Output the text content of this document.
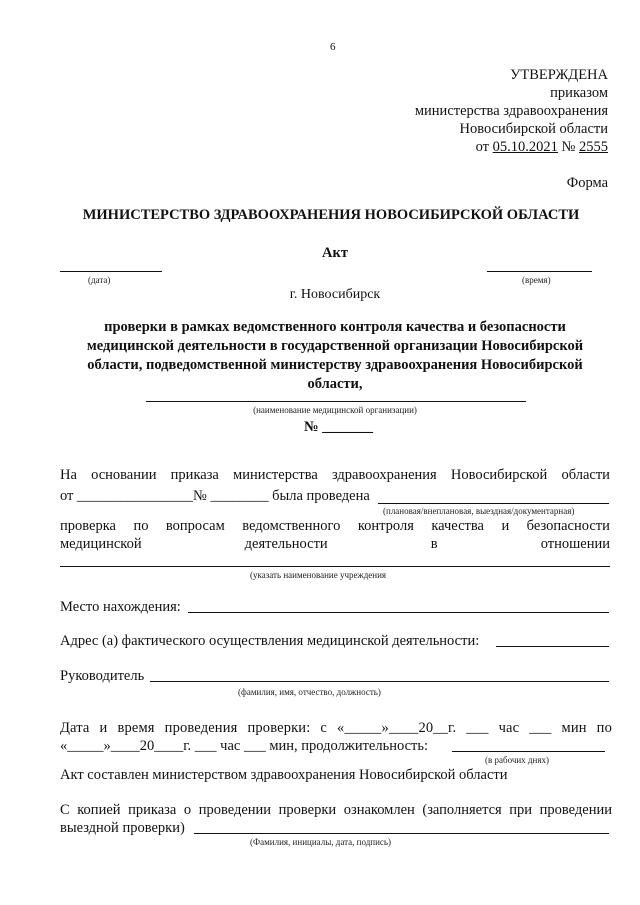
6
УТВЕРЖДЕНА
приказом
министерства здравоохранения
Новосибирской области
от 05.10.2021 № 2555
Форма
МИНИСТЕРСТВО ЗДРАВООХРАНЕНИЯ НОВОСИБИРСКОЙ ОБЛАСТИ
Акт
(дата)	(время)
г. Новосибирск
проверки в рамках ведомственного контроля качества и безопасности
медицинской деятельности в государственной организации Новосибирской
области, подведомственной министерству здравоохранения Новосибирской
области,
(наименование медицинской организации)
№ _______
На основании приказа министерства здравоохранения Новосибирской области
от ________________№ ________ была проведена
(плановая/внеплановая, выездная/документарная)
проверка по вопросам ведомственного контроля качества и безопасности
медицинской	деятельности	в	отношении
(указать наименование учреждения
Место нахождения:
Адрес (а) фактического осуществления медицинской деятельности:
Руководитель
(фамилия, имя, отчество, должность)
Дата и время проведения проверки: с «_____»____20__г. ___ час ___ мин по
«_____»____20____г. ___ час ___ мин, продолжительность:
(в рабочих днях)
Акт составлен министерством здравоохранения Новосибирской области
С копией приказа о проведении проверки ознакомлен (заполняется при проведении
выездной проверки)
(Фамилия, инициалы, дата, подпись)
